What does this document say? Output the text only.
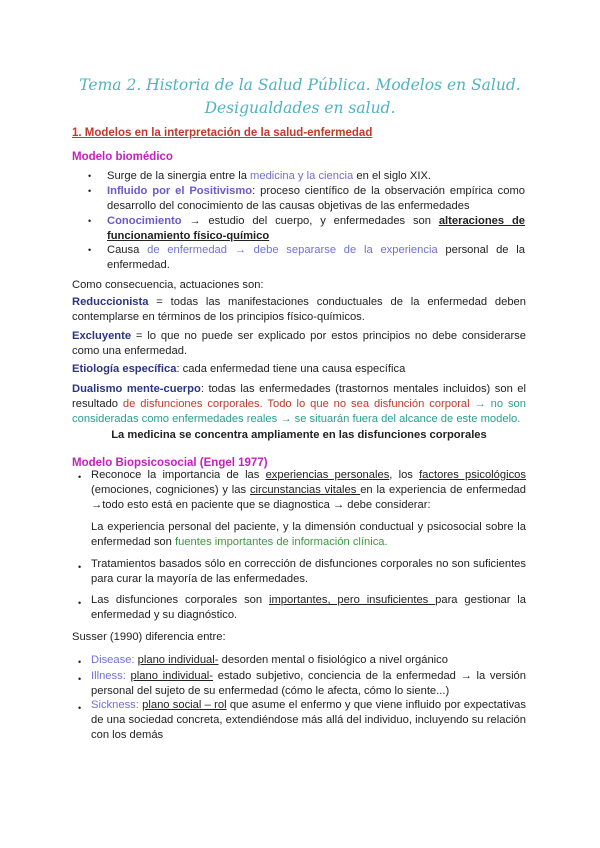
Tema 2. Historia de la Salud Pública. Modelos en Salud. Desigualdades en salud.
1. Modelos en la interpretación de la salud-enfermedad
Modelo biomédico
• Surge de la sinergia entre la medicina y la ciencia en el siglo XIX.
• Influido por el Positivismo: proceso científico de la observación empírica como desarrollo del conocimiento de las causas objetivas de las enfermedades
• Conocimiento → estudio del cuerpo, y enfermedades son alteraciones de funcionamiento físico-químico
• Causa de enfermedad → debe separarse de la experiencia personal de la enfermedad.
Como consecuencia, actuaciones son:
Reduccionista = todas las manifestaciones conductuales de la enfermedad deben contemplarse en términos de los principios físico-químicos.
Excluyente = lo que no puede ser explicado por estos principios no debe considerarse como una enfermedad.
Etiología específica: cada enfermedad tiene una causa específica
Dualismo mente-cuerpo: todas las enfermedades (trastornos mentales incluidos) son el resultado de disfunciones corporales. Todo lo que no sea disfunción corporal → no son consideradas como enfermedades reales → se situarán fuera del alcance de este modelo.
La medicina se concentra ampliamente en las disfunciones corporales
Modelo Biopsicosocial (Engel 1977)
• Reconoce la importancia de las experiencias personales, los factores psicológicos (emociones, cogniciones) y las circunstancias vitales en la experiencia de enfermedad →todo esto está en paciente que se diagnostica → debe considerar:
La experiencia personal del paciente, y la dimensión conductual y psicosocial sobre la enfermedad son fuentes importantes de información clínica.
• Tratamientos basados sólo en corrección de disfunciones corporales no son suficientes para curar la mayoría de las enfermedades.
• Las disfunciones corporales son importantes, pero insuficientes para gestionar la enfermedad y su diagnóstico.
Susser (1990) diferencia entre:
• Disease: plano individual- desorden mental o fisiológico a nivel orgánico
• Illness: plano individual- estado subjetivo, conciencia de la enfermedad → la versión personal del sujeto de su enfermedad (cómo le afecta, cómo lo siente...)
• Sickness: plano social – rol que asume el enfermo y que viene influido por expectativas de una sociedad concreta, extendiéndose más allá del individuo, incluyendo su relación con los demás
